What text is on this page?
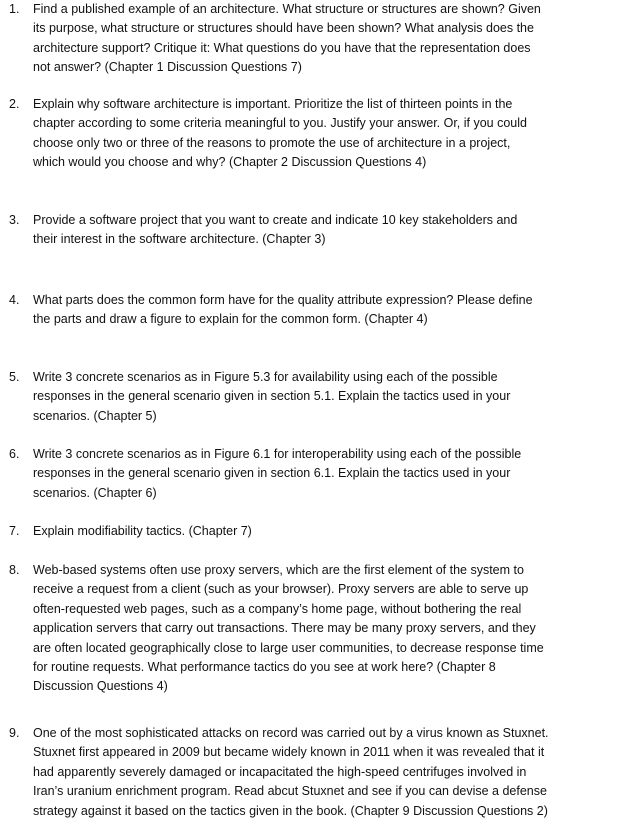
1. Find a published example of an architecture. What structure or structures are shown? Given
its purpose, what structure or structures should have been shown? What analysis does the
architecture support? Critique it: What questions do you have that the representation does
not answer? (Chapter 1 Discussion Questions 7)
2. Explain why software architecture is important. Prioritize the list of thirteen points in the
chapter according to some criteria meaningful to you. Justify your answer. Or, if you could
choose only two or three of the reasons to promote the use of architecture in a project,
which would you choose and why? (Chapter 2 Discussion Questions 4)
3. Provide a software project that you want to create and indicate 10 key stakeholders and
their interest in the software architecture. (Chapter 3)
4. What parts does the common form have for the quality attribute expression? Please define
the parts and draw a figure to explain for the common form. (Chapter 4)
5. Write 3 concrete scenarios as in Figure 5.3 for availability using each of the possible
responses in the general scenario given in section 5.1. Explain the tactics used in your
scenarios. (Chapter 5)
6. Write 3 concrete scenarios as in Figure 6.1 for interoperability using each of the possible
responses in the general scenario given in section 6.1. Explain the tactics used in your
scenarios. (Chapter 6)
7. Explain modifiability tactics. (Chapter 7)
8. Web-based systems often use proxy servers, which are the first element of the system to
receive a request from a client (such as your browser). Proxy servers are able to serve up
often-requested web pages, such as a company’s home page, without bothering the real
application servers that carry out transactions. There may be many proxy servers, and they
are often located geographically close to large user communities, to decrease response time
for routine requests. What performance tactics do you see at work here? (Chapter 8
Discussion Questions 4)
9. One of the most sophisticated attacks on record was carried out by a virus known as Stuxnet.
Stuxnet first appeared in 2009 but became widely known in 2011 when it was revealed that it
had apparently severely damaged or incapacitated the high-speed centrifuges involved in
Iran’s uranium enrichment program. Read abcut Stuxnet and see if you can devise a defense
strategy against it based on the tactics given in the book. (Chapter 9 Discussion Questions 2)
